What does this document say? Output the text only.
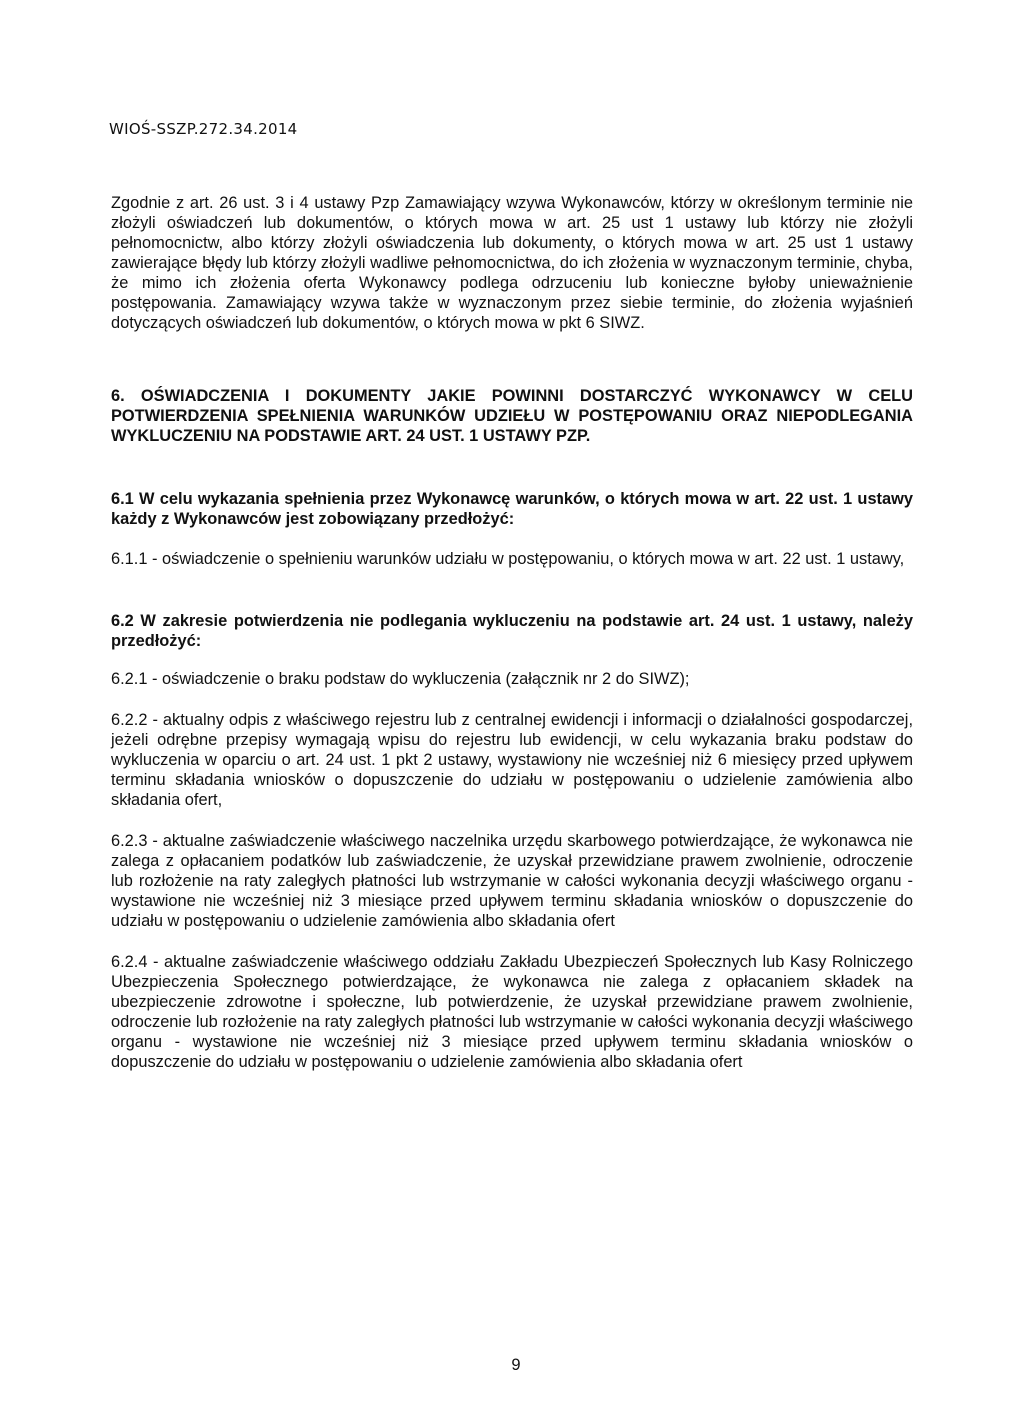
WIOŚ-SSZP.272.34.2014

Zgodnie z art. 26 ust. 3 i 4 ustawy Pzp Zamawiający wzywa Wykonawców, którzy w określonym terminie nie złożyli oświadczeń lub dokumentów, o których mowa w art. 25 ust 1 ustawy lub którzy nie złożyli pełnomocnictw, albo którzy złożyli oświadczenia lub dokumenty, o których mowa w art. 25 ust 1 ustawy zawierające błędy lub którzy złożyli wadliwe pełnomocnictwa, do ich złożenia w wyznaczonym terminie, chyba, że mimo ich złożenia oferta Wykonawcy podlega odrzuceniu lub konieczne byłoby unieważnienie postępowania. Zamawiający wzywa także w wyznaczonym przez siebie terminie, do złożenia wyjaśnień dotyczących oświadczeń lub dokumentów, o których mowa w pkt 6 SIWZ.

6. OŚWIADCZENIA I DOKUMENTY JAKIE POWINNI DOSTARCZYĆ WYKONAWCY W CELU POTWIERDZENIA SPEŁNIENIA WARUNKÓW UDZIEŁU W POSTĘPOWANIU ORAZ NIEPODLEGANIA WYKLUCZENIU NA PODSTAWIE ART. 24 UST. 1 USTAWY PZP.
6.1 W celu wykazania spełnienia przez Wykonawcę warunków, o których mowa w art. 22 ust. 1 ustawy każdy z Wykonawców jest zobowiązany przedłożyć:

6.1.1 - oświadczenie o spełnieniu warunków udziału w postępowaniu, o których mowa w art. 22 ust. 1 ustawy,

6.2 W zakresie potwierdzenia nie podlegania wykluczeniu na podstawie art. 24 ust. 1 ustawy, należy przedłożyć:

6.2.1 - oświadczenie o braku podstaw do wykluczenia (załącznik nr 2 do SIWZ);

6.2.2 - aktualny odpis z właściwego rejestru lub z centralnej ewidencji i informacji o działalności gospodarczej, jeżeli odrębne przepisy wymagają wpisu do rejestru lub ewidencji, w celu wykazania braku podstaw do wykluczenia w oparciu o art. 24 ust. 1 pkt 2 ustawy, wystawiony nie wcześniej niż 6 miesięcy przed upływem terminu składania wniosków o dopuszczenie do udziału w postępowaniu o udzielenie zamówienia albo składania ofert,

6.2.3 - aktualne zaświadczenie właściwego naczelnika urzędu skarbowego potwierdzające, że wykonawca nie zalega z opłacaniem podatków lub zaświadczenie, że uzyskał przewidziane prawem zwolnienie, odroczenie lub rozłożenie na raty zaległych płatności lub wstrzymanie w całości wykonania decyzji właściwego organu - wystawione nie wcześniej niż 3 miesiące przed upływem terminu składania wniosków o dopuszczenie do udziału w postępowaniu o udzielenie zamówienia albo składania ofert

6.2.4 - aktualne zaświadczenie właściwego oddziału Zakładu Ubezpieczeń Społecznych lub Kasy Rolniczego Ubezpieczenia Społecznego potwierdzające, że wykonawca nie zalega z opłacaniem składek na ubezpieczenie zdrowotne i społeczne, lub potwierdzenie, że uzyskał przewidziane prawem zwolnienie, odroczenie lub rozłożenie na raty zaległych płatności lub wstrzymanie w całości wykonania decyzji właściwego organu - wystawione nie wcześniej niż 3 miesiące przed upływem terminu składania wniosków o dopuszczenie do udziału w postępowaniu o udzielenie zamówienia albo składania ofert

9
